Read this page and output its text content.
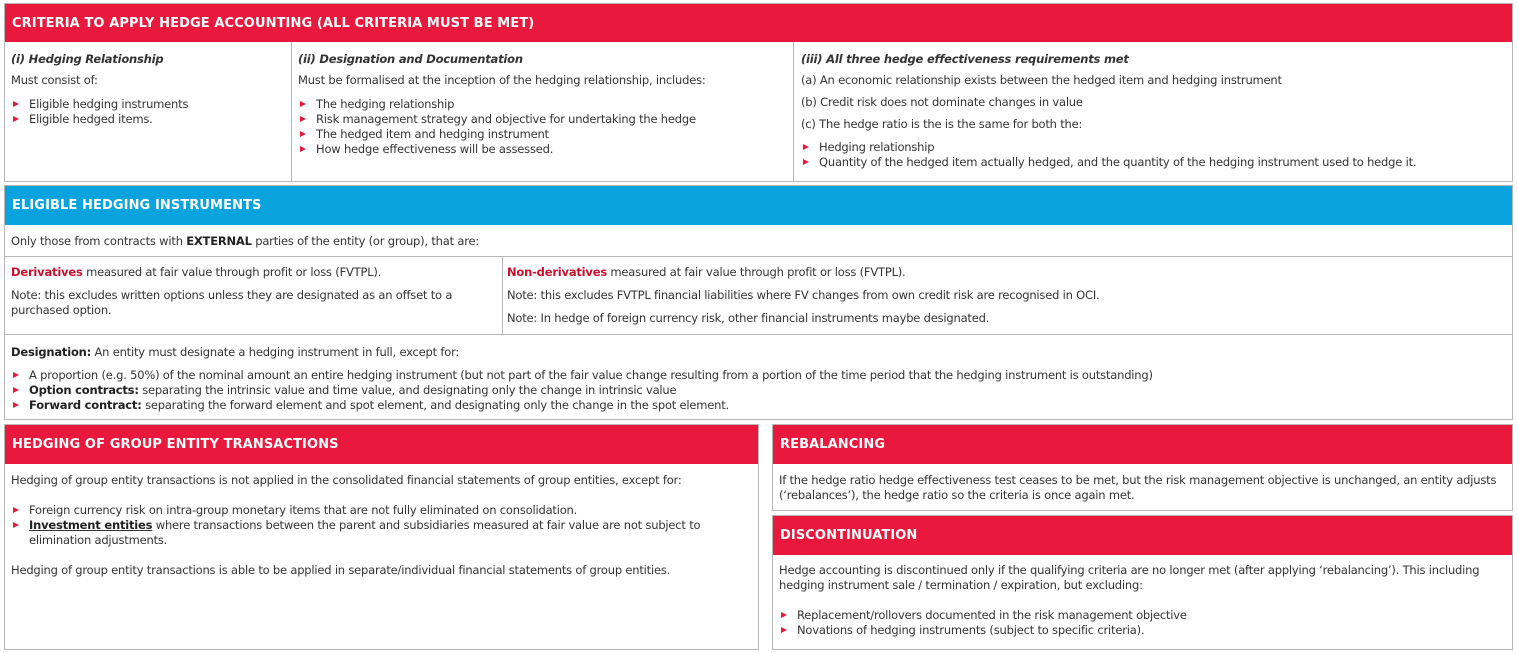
CRITERIA TO APPLY HEDGE ACCOUNTING (ALL CRITERIA MUST BE MET)

(i) Hedging Relationship

Must consist of:

Eligible hedging instruments
Eligible hedged items.

(ii) Designation and Documentation

Must be formalised at the inception of the hedging relationship, includes:

The hedging relationship
Risk management strategy and objective for undertaking the hedge
The hedged item and hedging instrument
How hedge effectiveness will be assessed.

(iii) All three hedge effectiveness requirements met

(a) An economic relationship exists between the hedged item and hedging instrument

(b) Credit risk does not dominate changes in value

(c) The hedge ratio is the is the same for both the:

Hedging relationship
Quantity of the hedged item actually hedged, and the quantity of the hedging instrument used to hedge it.
ELIGIBLE HEDGING INSTRUMENTS

Only those from contracts with EXTERNAL parties of the entity (or group), that are:

Derivatives measured at fair value through profit or loss (FVTPL).

Note: this excludes written options unless they are designated as an offset to a purchased option.

Non-derivatives measured at fair value through profit or loss (FVTPL).

Note: this excludes FVTPL financial liabilities where FV changes from own credit risk are recognised in OCI.

Note: In hedge of foreign currency risk, other financial instruments maybe designated.

Designation: An entity must designate a hedging instrument in full, except for:

A proportion (e.g. 50%) of the nominal amount an entire hedging instrument (but not part of the fair value change resulting from a portion of the time period that the hedging instrument is outstanding)
Option contracts: separating the intrinsic value and time value, and designating only the change in intrinsic value
Forward contract: separating the forward element and spot element, and designating only the change in the spot element.
HEDGING OF GROUP ENTITY TRANSACTIONS

Hedging of group entity transactions is not applied in the consolidated financial statements of group entities, except for:

Foreign currency risk on intra-group monetary items that are not fully eliminated on consolidation.
Investment entities where transactions between the parent and subsidiaries measured at fair value are not subject to elimination adjustments.

Hedging of group entity transactions is able to be applied in separate/individual financial statements of group entities.

REBALANCING

If the hedge ratio hedge effectiveness test ceases to be met, but the risk management objective is unchanged, an entity adjusts (‘rebalances’), the hedge ratio so the criteria is once again met.

DISCONTINUATION

Hedge accounting is discontinued only if the qualifying criteria are no longer met (after applying ‘rebalancing’). This including hedging instrument sale / termination / expiration, but excluding:

Replacement/rollovers documented in the risk management objective
Novations of hedging instruments (subject to specific criteria).
